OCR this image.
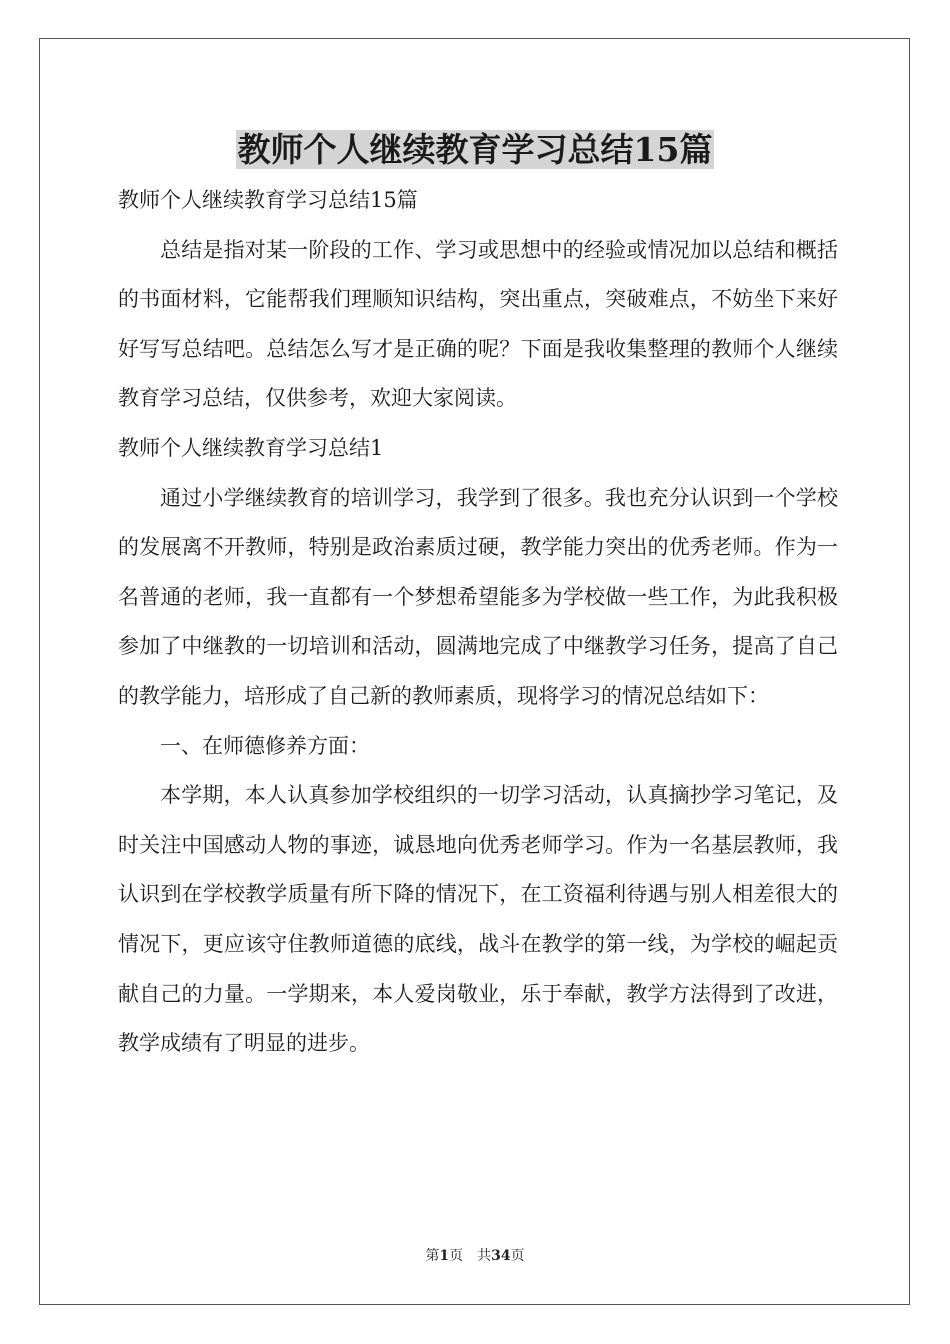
教师个人继续教育学习总结15篇

教师个人继续教育学习总结15篇

总结是指对某一阶段的工作、学习或思想中的经验或情况加以总结和概括的书面材料，它能帮我们理顺知识结构，突出重点，突破难点，不妨坐下来好好写写总结吧。总结怎么写才是正确的呢？下面是我收集整理的教师个人继续教育学习总结，仅供参考，欢迎大家阅读。

教师个人继续教育学习总结1

通过小学继续教育的培训学习，我学到了很多。我也充分认识到一个学校的发展离不开教师，特别是政治素质过硬，教学能力突出的优秀老师。作为一名普通的老师，我一直都有一个梦想希望能多为学校做一些工作，为此我积极参加了中继教的一切培训和活动，圆满地完成了中继教学习任务，提高了自己的教学能力，培形成了自己新的教师素质，现将学习的情况总结如下：

一、在师德修养方面：

本学期，本人认真参加学校组织的一切学习活动，认真摘抄学习笔记，及时关注中国感动人物的事迹，诚恳地向优秀老师学习。作为一名基层教师，我认识到在学校教学质量有所下降的情况下，在工资福利待遇与别人相差很大的情况下，更应该守住教师道德的底线，战斗在教学的第一线，为学校的崛起贡献自己的力量。一学期来，本人爱岗敬业，乐于奉献，教学方法得到了改进，教学成绩有了明显的进步。

第1页 共34页
